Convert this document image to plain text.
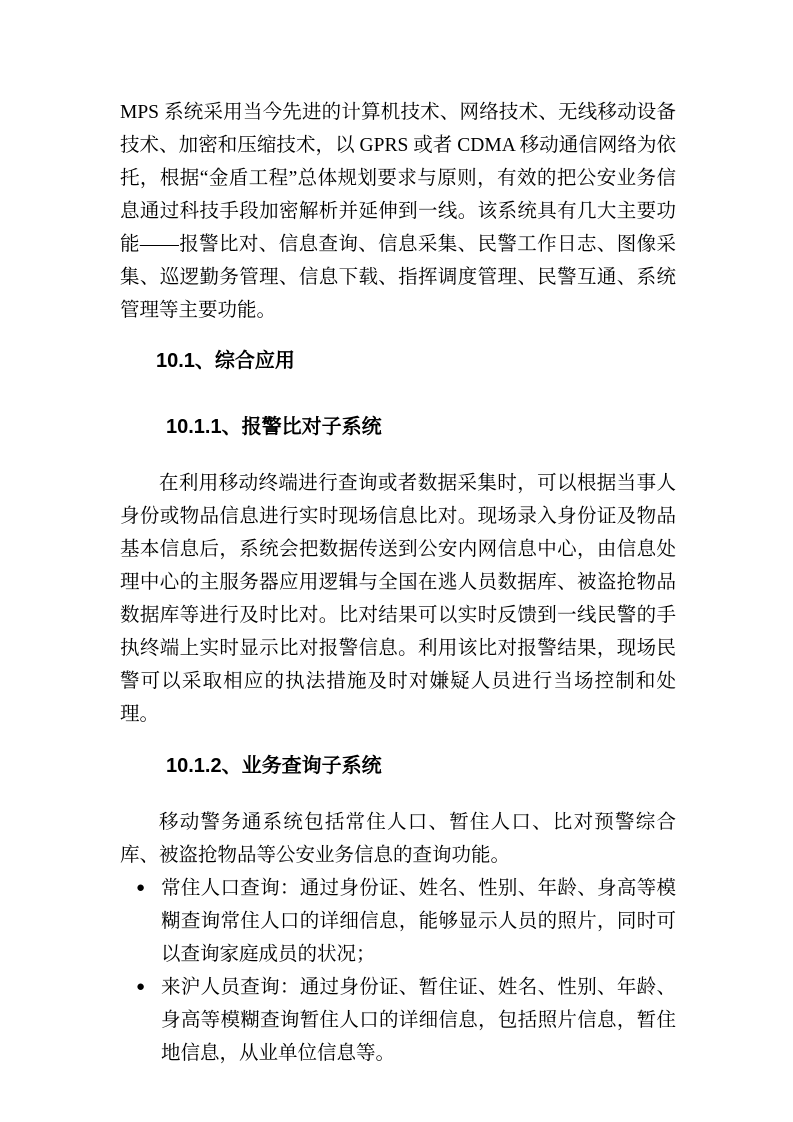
MPS 系统采用当今先进的计算机技术、网络技术、无线移动设备技术、加密和压缩技术，以 GPRS 或者 CDMA 移动通信网络为依托，根据“金盾工程”总体规划要求与原则，有效的把公安业务信息通过科技手段加密解析并延伸到一线。该系统具有几大主要功能——报警比对、信息查询、信息采集、民警工作日志、图像采集、巡逻勤务管理、信息下载、指挥调度管理、民警互通、系统管理等主要功能。

10.1、综合应用
10.1.1、报警比对子系统

在利用移动终端进行查询或者数据采集时，可以根据当事人身份或物品信息进行实时现场信息比对。现场录入身份证及物品基本信息后，系统会把数据传送到公安内网信息中心，由信息处理中心的主服务器应用逻辑与全国在逃人员数据库、被盗抢物品数据库等进行及时比对。比对结果可以实时反馈到一线民警的手执终端上实时显示比对报警信息。利用该比对报警结果，现场民警可以采取相应的执法措施及时对嫌疑人员进行当场控制和处理。

10.1.2、业务查询子系统

移动警务通系统包括常住人口、暂住人口、比对预警综合库、被盗抢物品等公安业务信息的查询功能。

● 常住人口查询：通过身份证、姓名、性别、年龄、身高等模糊查询常住人口的详细信息，能够显示人员的照片，同时可以查询家庭成员的状况；
● 来沪人员查询：通过身份证、暂住证、姓名、性别、年龄、身高等模糊查询暂住人口的详细信息，包括照片信息，暂住地信息，从业单位信息等。
